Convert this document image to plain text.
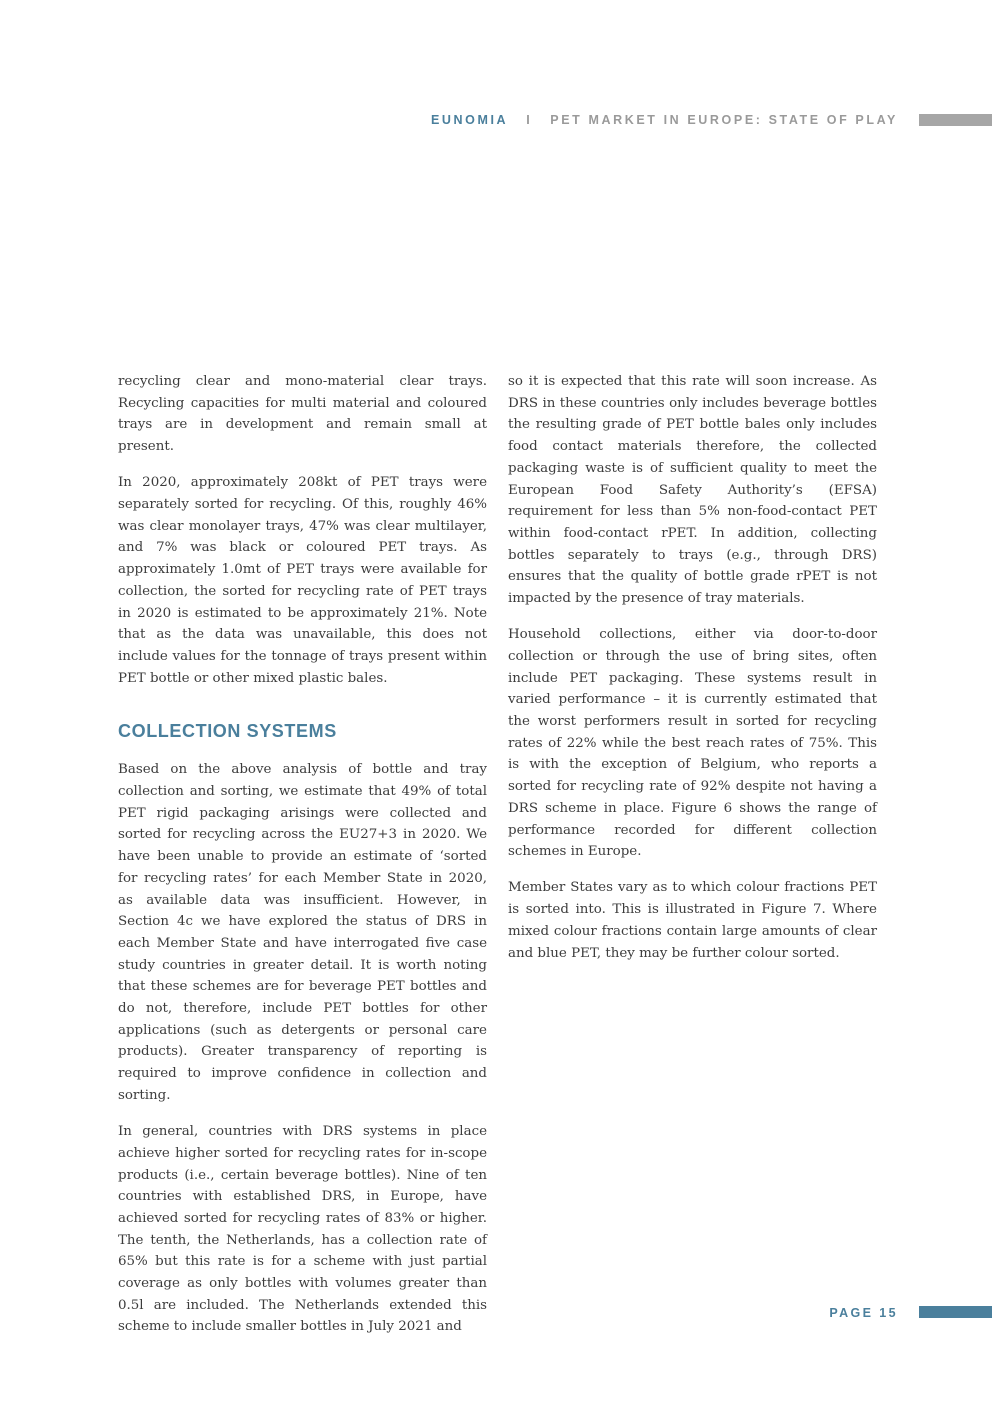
EUNOMIA I PET MARKET IN EUROPE: STATE OF PLAY

recycling clear and mono-material clear trays. Recycling capacities for multi material and coloured trays are in development and remain small at present.

In 2020, approximately 208kt of PET trays were separately sorted for recycling. Of this, roughly 46% was clear monolayer trays, 47% was clear multilayer, and 7% was black or coloured PET trays. As approximately 1.0mt of PET trays were available for collection, the sorted for recycling rate of PET trays in 2020 is estimated to be approximately 21%. Note that as the data was unavailable, this does not include values for the tonnage of trays present within PET bottle or other mixed plastic bales.

COLLECTION SYSTEMS

Based on the above analysis of bottle and tray collection and sorting, we estimate that 49% of total PET rigid packaging arisings were collected and sorted for recycling across the EU27+3 in 2020. We have been unable to provide an estimate of ‘sorted for recycling rates’ for each Member State in 2020, as available data was insufficient. However, in Section 4c we have explored the status of DRS in each Member State and have interrogated five case study countries in greater detail. It is worth noting that these schemes are for beverage PET bottles and do not, therefore, include PET bottles for other applications (such as detergents or personal care products). Greater transparency of reporting is required to improve confidence in collection and sorting.

In general, countries with DRS systems in place achieve higher sorted for recycling rates for in-scope products (i.e., certain beverage bottles). Nine of ten countries with established DRS, in Europe, have achieved sorted for recycling rates of 83% or higher. The tenth, the Netherlands, has a collection rate of 65% but this rate is for a scheme with just partial coverage as only bottles with volumes greater than 0.5l are included. The Netherlands extended this scheme to include smaller bottles in July 2021 and

so it is expected that this rate will soon increase. As DRS in these countries only includes beverage bottles the resulting grade of PET bottle bales only includes food contact materials therefore, the collected packaging waste is of sufficient quality to meet the European Food Safety Authority’s (EFSA) requirement for less than 5% non-food-contact PET within food-contact rPET. In addition, collecting bottles separately to trays (e.g., through DRS) ensures that the quality of bottle grade rPET is not impacted by the presence of tray materials.

Household collections, either via door-to-door collection or through the use of bring sites, often include PET packaging. These systems result in varied performance – it is currently estimated that the worst performers result in sorted for recycling rates of 22% while the best reach rates of 75%. This is with the exception of Belgium, who reports a sorted for recycling rate of 92% despite not having a DRS scheme in place. Figure 6 shows the range of performance recorded for different collection schemes in Europe.

Member States vary as to which colour fractions PET is sorted into. This is illustrated in Figure 7. Where mixed colour fractions contain large amounts of clear and blue PET, they may be further colour sorted.

PAGE 15
